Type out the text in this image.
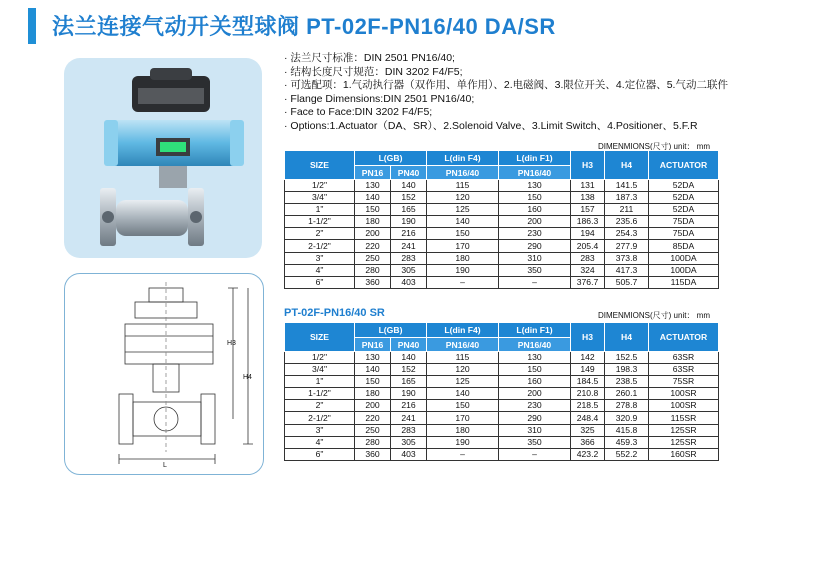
法兰连接气动开关型球阀 PT-02F-PN16/40 DA/SR
H3
H4
L
· 法兰尺寸标准：DIN 2501 PN16/40;
· 结构长度尺寸规范：DIN 3202 F4/F5;
· 可选配项：1.气动执行器（双作用、单作用）、2.电磁阀、3.限位开关、4.定位器、5.气动二联件
· Flange Dimensions:DIN 2501 PN16/40;
· Face to Face:DIN 3202 F4/F5;
· Options:1.Actuator（DA、SR）、2.Solenoid Valve、3.Limit Switch、4.Positioner、5.F.R
DIMENMIONS(尺寸) unit： mm
SIZE	L(GB)		L(din F4)	L(din F1)	H3	H4	ACTUATOR
	PN16	PN40	PN16/40	PN16/40			
1/2"	130	140	115	130	131	141.5	52DA
3/4"	140	152	120	150	138	187.3	52DA
1"	150	165	125	160	157	211	52DA
1-1/2"	180	190	140	200	186.3	235.6	75DA
2"	200	216	150	230	194	254.3	75DA
2-1/2"	220	241	170	290	205.4	277.9	85DA
3"	250	283	180	310	283	373.8	100DA
4"	280	305	190	350	324	417.3	100DA
6"	360	403	–	–	376.7	505.7	115DA
PT-02F-PN16/40 SR	DIMENMIONS(尺寸) unit： mm
SIZE	L(GB)		L(din F4)	L(din F1)	H3	H4	ACTUATOR
	PN16	PN40	PN16/40	PN16/40			
1/2"	130	140	115	130	142	152.5	63SR
3/4"	140	152	120	150	149	198.3	63SR
1"	150	165	125	160	184.5	238.5	75SR
1-1/2"	180	190	140	200	210.8	260.1	100SR
2"	200	216	150	230	218.5	278.8	100SR
2-1/2"	220	241	170	290	248.4	320.9	115SR
3"	250	283	180	310	325	415.8	125SR
4"	280	305	190	350	366	459.3	125SR
6"	360	403	–	–	423.2	552.2	160SR
